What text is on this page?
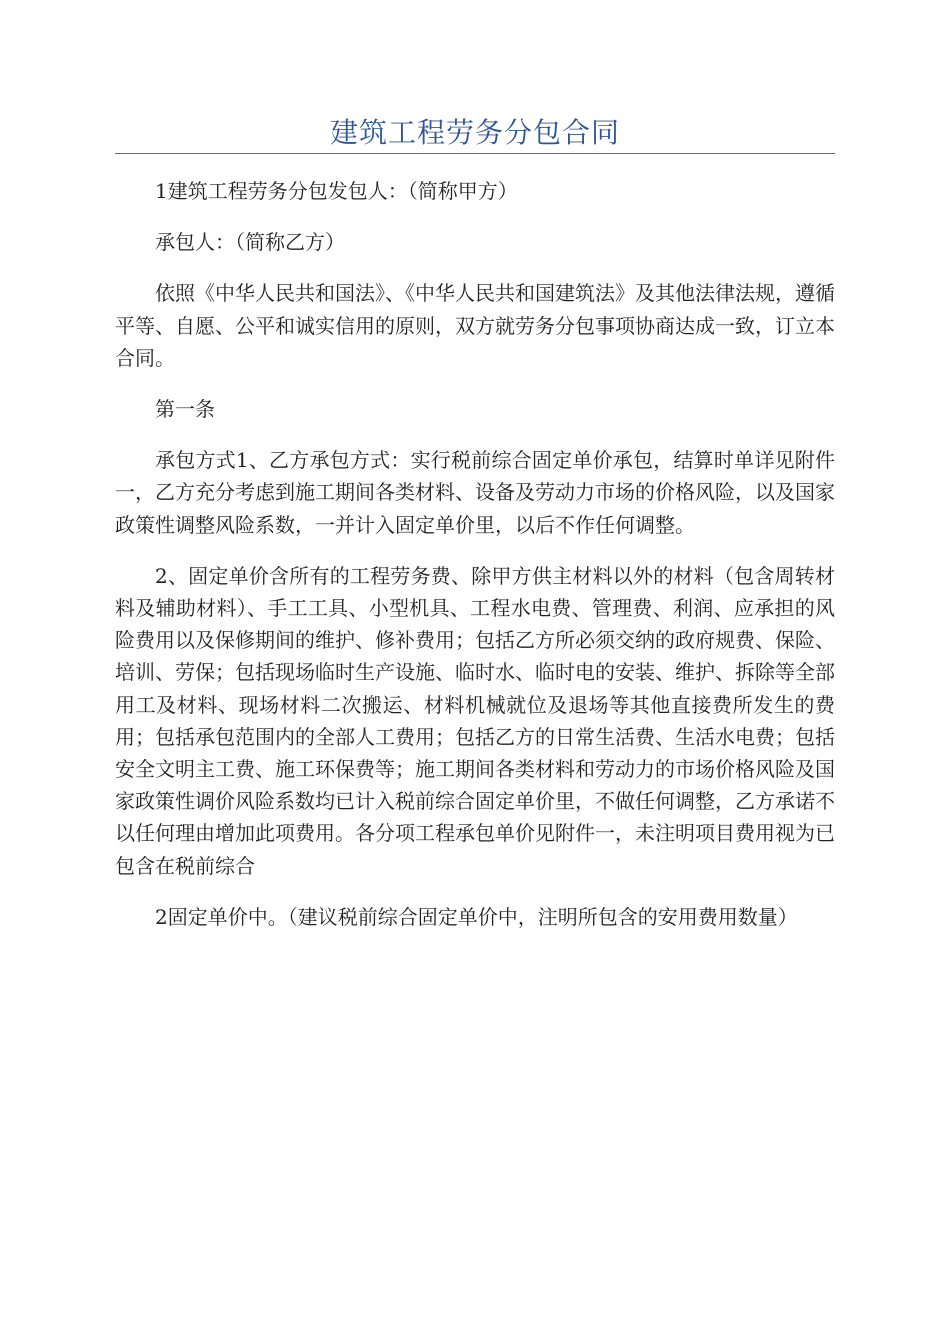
建筑工程劳务分包合同

1建筑工程劳务分包发包人：（简称甲方）

承包人：（简称乙方）

依照《中华人民共和国法》、《中华人民共和国建筑法》及其他法律法规，遵循平等、自愿、公平和诚实信用的原则，双方就劳务分包事项协商达成一致，订立本合同。

第一条

承包方式1、乙方承包方式：实行税前综合固定单价承包，结算时单详见附件一，乙方充分考虑到施工期间各类材料、设备及劳动力市场的价格风险，以及国家政策性调整风险系数，一并计入固定单价里，以后不作任何调整。

2、固定单价含所有的工程劳务费、除甲方供主材料以外的材料（包含周转材料及辅助材料）、手工工具、小型机具、工程水电费、管理费、利润、应承担的风险费用以及保修期间的维护、修补费用；包括乙方所必须交纳的政府规费、保险、培训、劳保；包括现场临时生产设施、临时水、临时电的安装、维护、拆除等全部用工及材料、现场材料二次搬运、材料机械就位及退场等其他直接费所发生的费用；包括承包范围内的全部人工费用；包括乙方的日常生活费、生活水电费；包括安全文明主工费、施工环保费等；施工期间各类材料和劳动力的市场价格风险及国家政策性调价风险系数均已计入税前综合固定单价里，不做任何调整，乙方承诺不以任何理由增加此项费用。各分项工程承包单价见附件一，未注明项目费用视为已包含在税前综合

2固定单价中。（建议税前综合固定单价中，注明所包含的安用费用数量）
